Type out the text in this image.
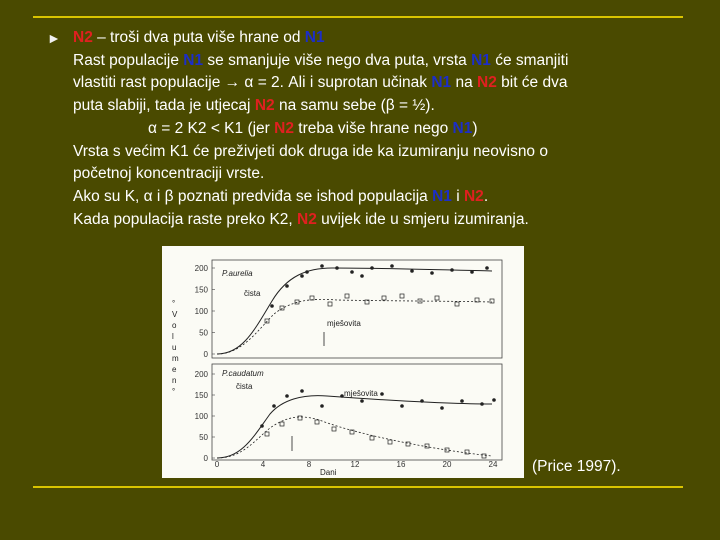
► N2 – troši dva puta više hrane od N1
Rast populacije N1 se smanjuje više nego dva puta, vrsta N1 će smanjiti
vlastiti rast populacije → α = 2. Ali i suprotan učinak N1 na N2 bit će dva
puta slabiji, tada je utjecaj N2 na samu sebe (β = ½).
α = 2 K2 < K1 (jer N2 treba više hrane nego N1)
Vrsta s većim K1 će preživjeti dok druga ide ka izumiranju neovisno o
početnoj koncentraciji vrste.
Ako su K, α i β poznati predviđa se ishod populacija N1 i N2.
Kada populacija raste preko K2, N2 uvijek ide u smjeru izumiranja.
° V o l u m e n °
P.aurelia
čista
mješovita
200
150
100
50
0
P.caudatum
čista
mješovita
200
150
100
50
0
0	4	8	12	16	20	24
Dani	(Price 1997).
